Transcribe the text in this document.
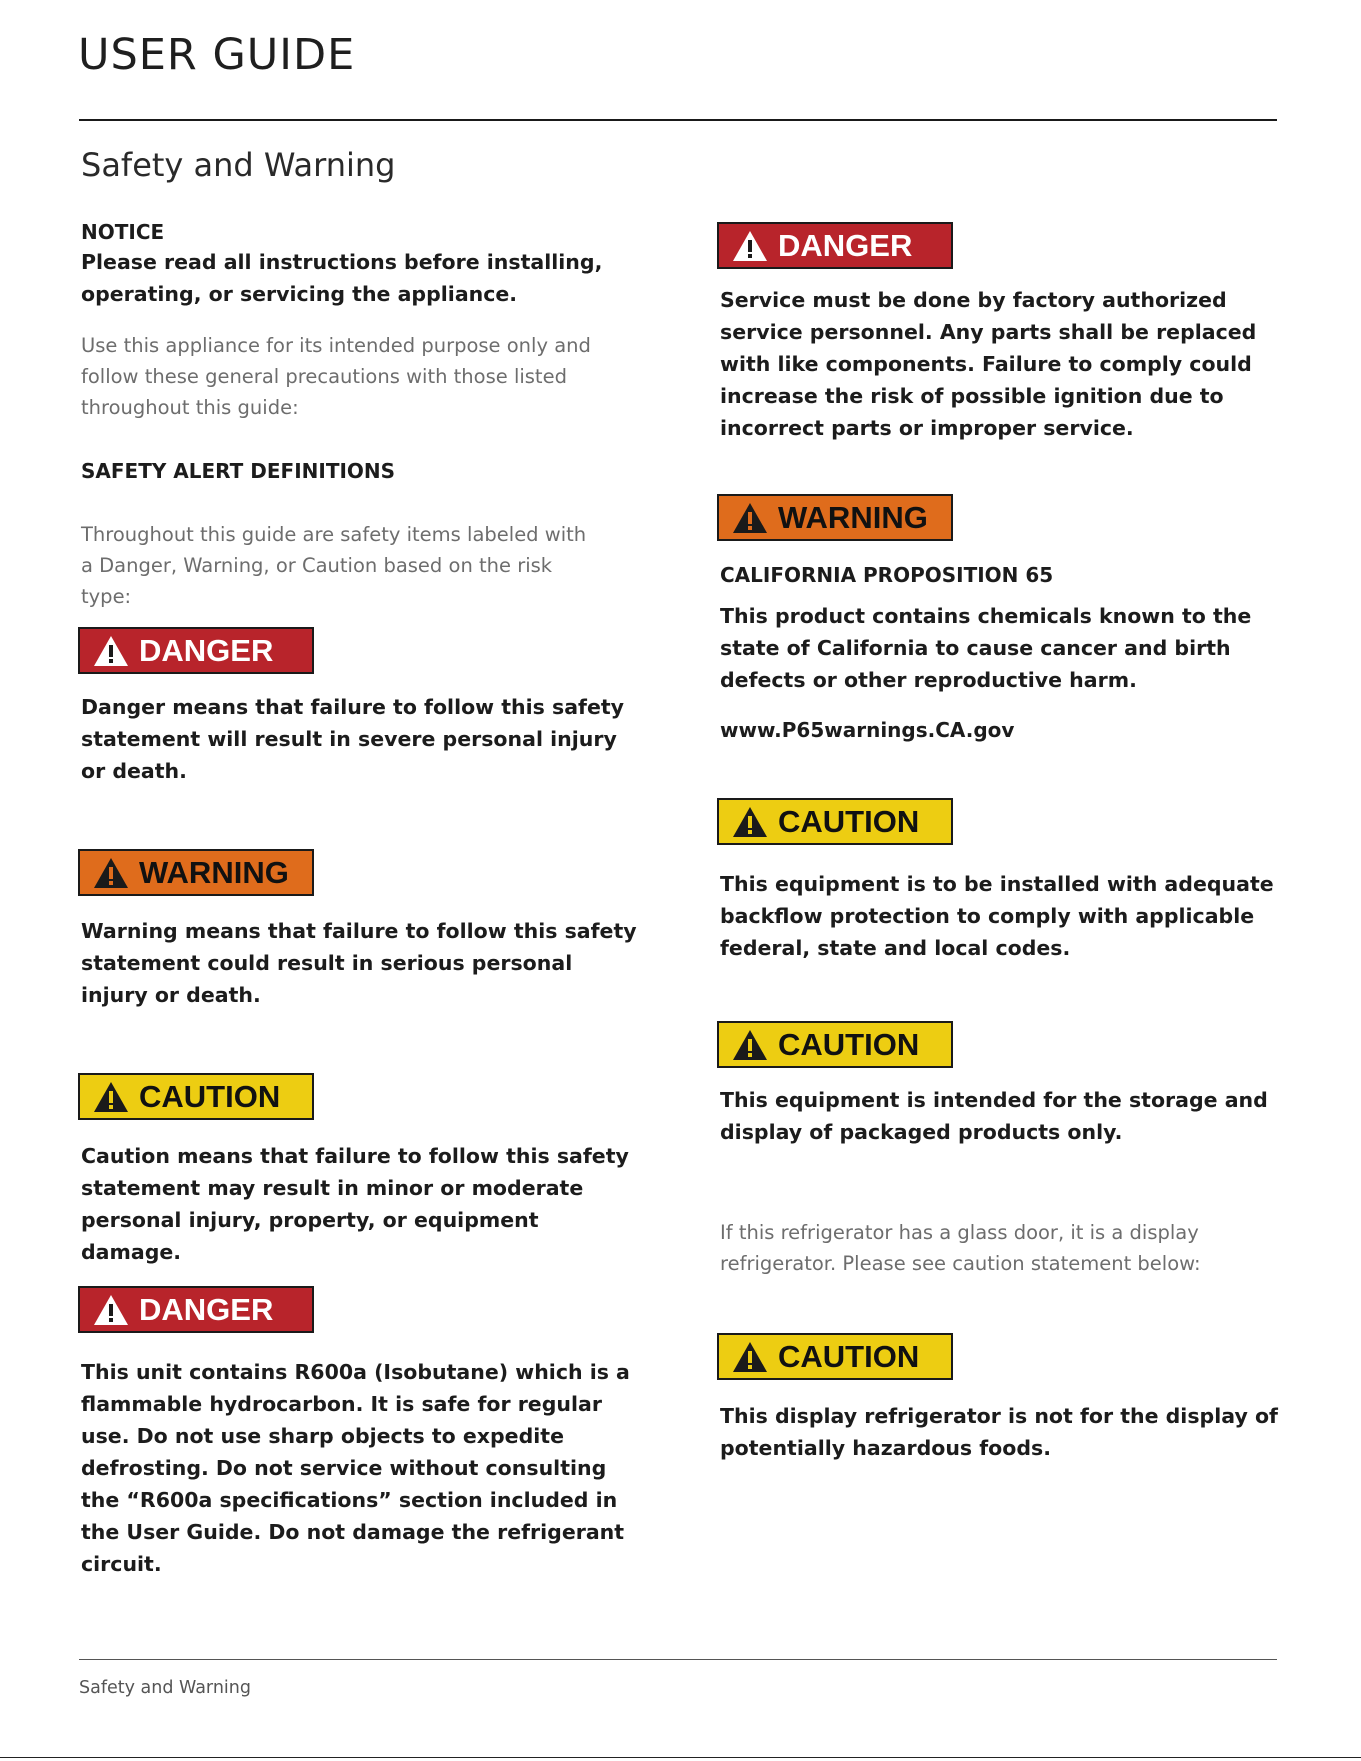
USER GUIDE
Safety and Warning
NOTICE
Please read all instructions before installing, operating, or servicing the appliance.
Use this appliance for its intended purpose only and follow these general precautions with those listed throughout this guide:
SAFETY ALERT DEFINITIONS
Throughout this guide are safety items labeled with a Danger, Warning, or Caution based on the risk type:
DANGER
Danger means that failure to follow this safety statement will result in severe personal injury or death.
WARNING
Warning means that failure to follow this safety statement could result in serious personal injury or death.
CAUTION
Caution means that failure to follow this safety statement may result in minor or moderate personal injury, property, or equipment damage.
DANGER
This unit contains R600a (Isobutane) which is a flammable hydrocarbon. It is safe for regular use. Do not use sharp objects to expedite defrosting. Do not service without consulting the “R600a specifications” section included in the User Guide. Do not damage the refrigerant circuit.
DANGER
Service must be done by factory authorized service personnel. Any parts shall be replaced with like components. Failure to comply could increase the risk of possible ignition due to incorrect parts or improper service.
WARNING
CALIFORNIA PROPOSITION 65
This product contains chemicals known to the state of California to cause cancer and birth defects or other reproductive harm.
www.P65warnings.CA.gov
CAUTION
This equipment is to be installed with adequate backflow protection to comply with applicable federal, state and local codes.
CAUTION
This equipment is intended for the storage and display of packaged products only.
If this refrigerator has a glass door, it is a display refrigerator. Please see caution statement below:
CAUTION
This display refrigerator is not for the display of potentially hazardous foods.
Safety and Warning
